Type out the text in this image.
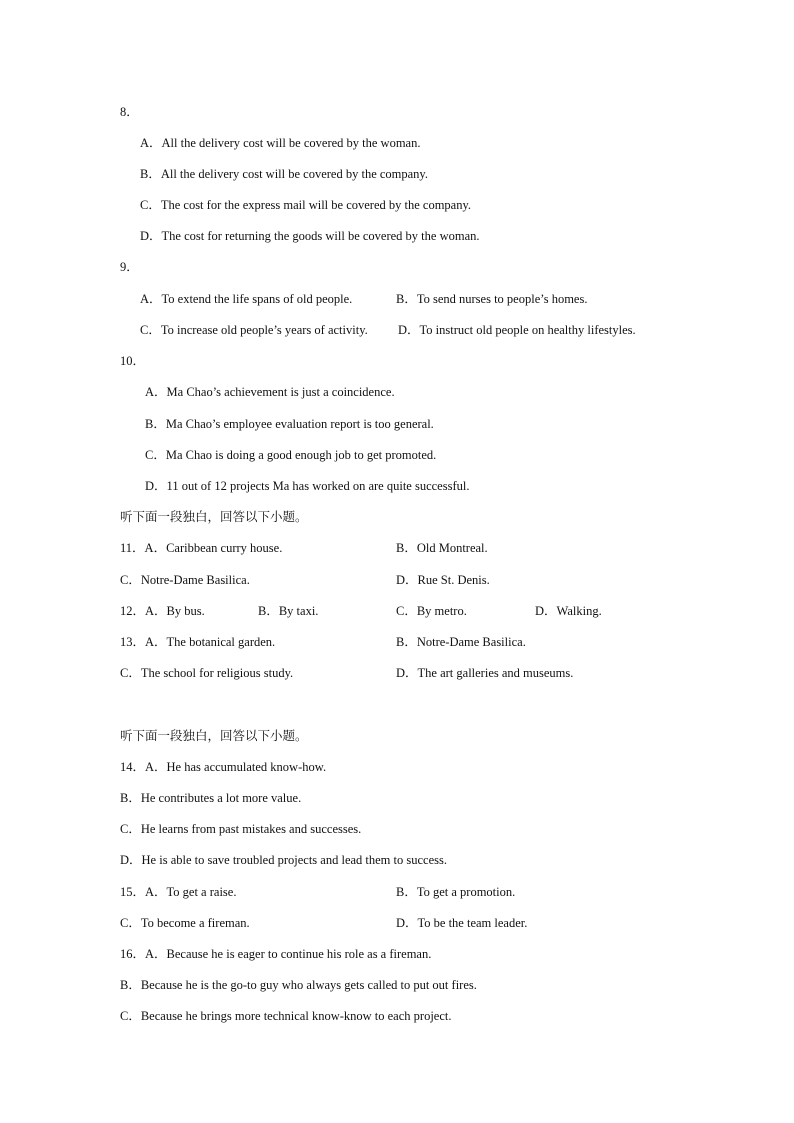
8．
A．All the delivery cost will be covered by the woman.
B．All the delivery cost will be covered by the company.
C．The cost for the express mail will be covered by the company.
D．The cost for returning the goods will be covered by the woman.
9．
A．To extend the life spans of old people.	B．To send nurses to people’s homes.
C．To increase old people’s years of activity. D．To instruct old people on healthy lifestyles.
10．
A．Ma Chao’s achievement is just a coincidence.
B．Ma Chao’s employee evaluation report is too general.
C．Ma Chao is doing a good enough job to get promoted.
D．11 out of 12 projects Ma has worked on are quite successful.
听下面一段独白，回答以下小题。
11．A．Caribbean curry house.	B．Old Montreal.
C．Notre-Dame Basilica.	D．Rue St. Denis.
12．A．By bus.	B．By taxi.	C．By metro.	D．Walking.
13．A．The botanical garden.	B．Notre-Dame Basilica.
C．The school for religious study.	D．The art galleries and museums.
听下面一段独白，回答以下小题。
14．A．He has accumulated know-how.
B．He contributes a lot more value.
C．He learns from past mistakes and successes.
D．He is able to save troubled projects and lead them to success.
15．A．To get a raise.	B．To get a promotion.
C．To become a fireman.	D．To be the team leader.
16．A．Because he is eager to continue his role as a fireman.
B．Because he is the go-to guy who always gets called to put out fires.
C．Because he brings more technical know-know to each project.
